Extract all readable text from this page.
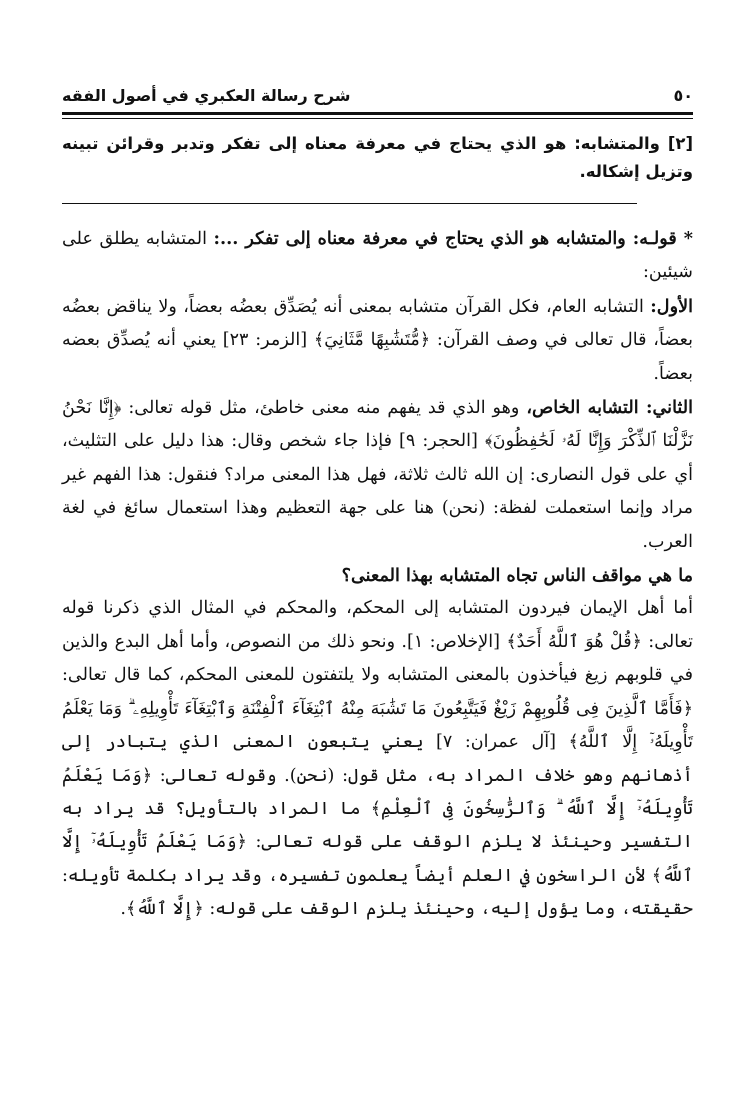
٥٠
شرح رسالة العكبري في أصول الفقه
[٢] والمتشابه: هو الذي يحتاج في معرفة معناه إلى تفكر وتدبر وقرائن تبينه وتزيل إشكاله.

* قولـه: والمتشابه هو الذي يحتاج في معرفة معناه إلى تفكر ...: المتشابه يطلق على شيئين:

الأول: التشابه العام، فكل القرآن متشابه بمعنى أنه يُصَدِّق بعضُه بعضاً، ولا يناقض بعضُه بعضاً، قال تعالى في وصف القرآن: ﴿مُّتَشَٰبِهًا مَّثَانِيَ﴾ [الزمر: ٢٣] يعني أنه يُصدِّق بعضه بعضاً.

الثاني: التشابه الخاص، وهو الذي قد يفهم منه معنى خاطئ، مثل قوله تعالى: ﴿إِنَّا نَحْنُ نَزَّلْنَا ٱلذِّكْرَ وَإِنَّا لَهُۥ لَحَٰفِظُونَ﴾ [الحجر: ٩] فإذا جاء شخص وقال: هذا دليل على التثليث، أي على قول النصارى: إن الله ثالث ثلاثة، فهل هذا المعنى مراد؟ فنقول: هذا الفهم غير مراد وإنما استعملت لفظة: (نحن) هنا على جهة التعظيم وهذا استعمال سائغ في لغة العرب.

ما هي مواقف الناس تجاه المتشابه بهذا المعنى؟

أما أهل الإيمان فيردون المتشابه إلى المحكم، والمحكم في المثال الذي ذكرنا قوله تعالى: ﴿قُلْ هُوَ ٱللَّهُ أَحَدٌ﴾ [الإخلاص: ١]. ونحو ذلك من النصوص، وأما أهل البدع والذين في قلوبهم زيغ فيأخذون بالمعنى المتشابه ولا يلتفتون للمعنى المحكم، كما قال تعالى: ﴿فَأَمَّا ٱلَّذِينَ فِى قُلُوبِهِمْ زَيْغٌ فَيَتَّبِعُونَ مَا تَشَٰبَهَ مِنْهُ ٱبْتِغَآءَ ٱلْفِتْنَةِ وَٱبْتِغَآءَ تَأْوِيلِهِۦ ۗ وَمَا يَعْلَمُ تَأْوِيلَهُۥٓ إِلَّا ٱللَّهُ﴾ [آل عمران: ٧] يعني يتبعون المعنى الذي يتبادر إلى أذهانهم وهو خلاف المراد به، مثل قول: (نحن). وقوله تعالى: ﴿وَمَا يَعْلَمُ تَأْوِيلَهُۥٓ إِلَّا ٱللَّهُ ۗ وَٱلرَّٰسِخُونَ فِى ٱلْعِلْمِ﴾ ما المراد بالتأويل؟ قد يراد به التفسير وحينئذ لا يلزم الوقف على قوله تعالى: ﴿وَمَا يَعْلَمُ تَأْوِيلَهُۥٓ إِلَّا ٱللَّهُ﴾ لأن الراسخون في العلم أيضاً يعلمون تفسيره، وقد يراد بكلمة تأويله: حقيقته، وما يؤول إليه، وحينئذ يلزم الوقف على قوله: ﴿إِلَّا ٱللَّهُ﴾.
